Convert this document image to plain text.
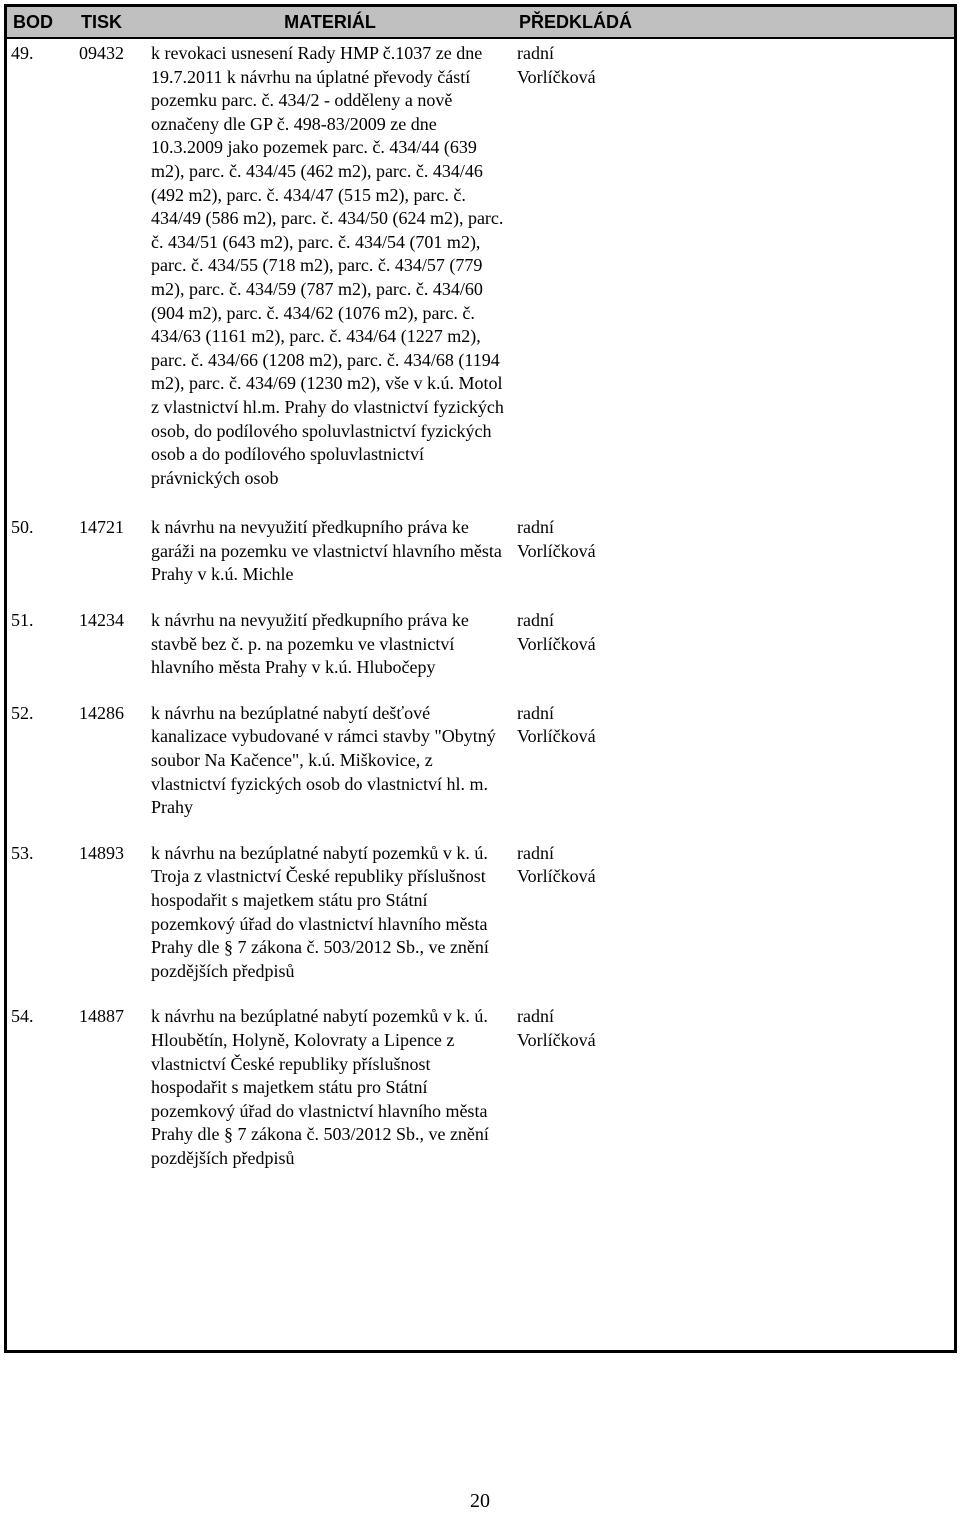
BOD	TISK	MATERIÁL	PŘEDKLÁDÁ	
49.	09432	k revokaci usnesení Rady HMP č.1037 ze dne 19.7.2011 k návrhu na úplatné převody částí pozemku parc. č. 434/2 - odděleny a nově označeny dle GP č. 498-83/2009 ze dne 10.3.2009 jako pozemek parc. č. 434/44 (639 m2), parc. č. 434/45 (462 m2), parc. č. 434/46 (492 m2), parc. č. 434/47 (515 m2), parc. č. 434/49 (586 m2), parc. č. 434/50 (624 m2), parc. č. 434/51 (643 m2), parc. č. 434/54 (701 m2), parc. č. 434/55 (718 m2), parc. č. 434/57 (779 m2), parc. č. 434/59 (787 m2), parc. č. 434/60 (904 m2), parc. č. 434/62 (1076 m2), parc. č. 434/63 (1161 m2), parc. č. 434/64 (1227 m2), parc. č. 434/66 (1208 m2), parc. č. 434/68 (1194 m2), parc. č. 434/69 (1230 m2), vše v k.ú. Motol z vlastnictví hl.m. Prahy do vlastnictví fyzických osob, do podílového spoluvlastnictví fyzických osob a do podílového spoluvlastnictví právnických osob	radní
Vorlíčková	

50.	14721	k návrhu na nevyužití předkupního práva ke garáži na pozemku ve vlastnictví hlavního města Prahy v k.ú. Michle	radní
Vorlíčková	

51.	14234	k návrhu na nevyužití předkupního práva ke stavbě bez č. p. na pozemku ve vlastnictví hlavního města Prahy v k.ú. Hlubočepy	radní
Vorlíčková	

52.	14286	k návrhu na bezúplatné nabytí dešťové kanalizace vybudované v rámci stavby "Obytný soubor Na Kačence", k.ú. Miškovice, z vlastnictví fyzických osob do vlastnictví hl. m. Prahy	radní
Vorlíčková	

53.	14893	k návrhu na bezúplatné nabytí pozemků v k. ú. Troja z vlastnictví České republiky příslušnost hospodařit s majetkem státu pro Státní pozemkový úřad do vlastnictví hlavního města Prahy dle § 7 zákona č. 503/2012 Sb., ve znění pozdějších předpisů	radní
Vorlíčková	

54.	14887	k návrhu na bezúplatné nabytí pozemků v k. ú. Hloubětín, Holyně, Kolovraty a Lipence z vlastnictví České republiky příslušnost hospodařit s majetkem státu pro Státní pozemkový úřad do vlastnictví hlavního města Prahy dle § 7 zákona č. 503/2012 Sb., ve znění pozdějších předpisů	radní
Vorlíčková	

20
